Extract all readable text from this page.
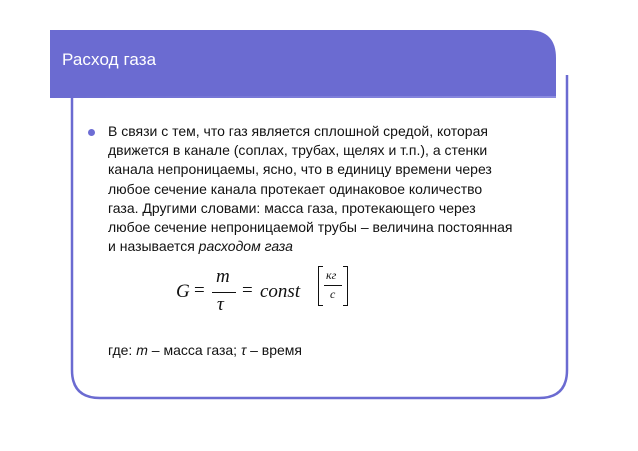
Расход газа
В связи с тем, что газ является сплошной средой, которая
движется в канале (соплах, трубах, щелях и т.п.), а стенки
канала непроницаемы, ясно, что в единицу времени через
любое сечение канала протекает одинаковое количество
газа. Другими словами: масса газа, протекающего через
любое сечение непроницаемой трубы – величина постоянная
и называется расходом газа
G =
m
τ
= const
кг
с
где: m – масса газа; τ – время
